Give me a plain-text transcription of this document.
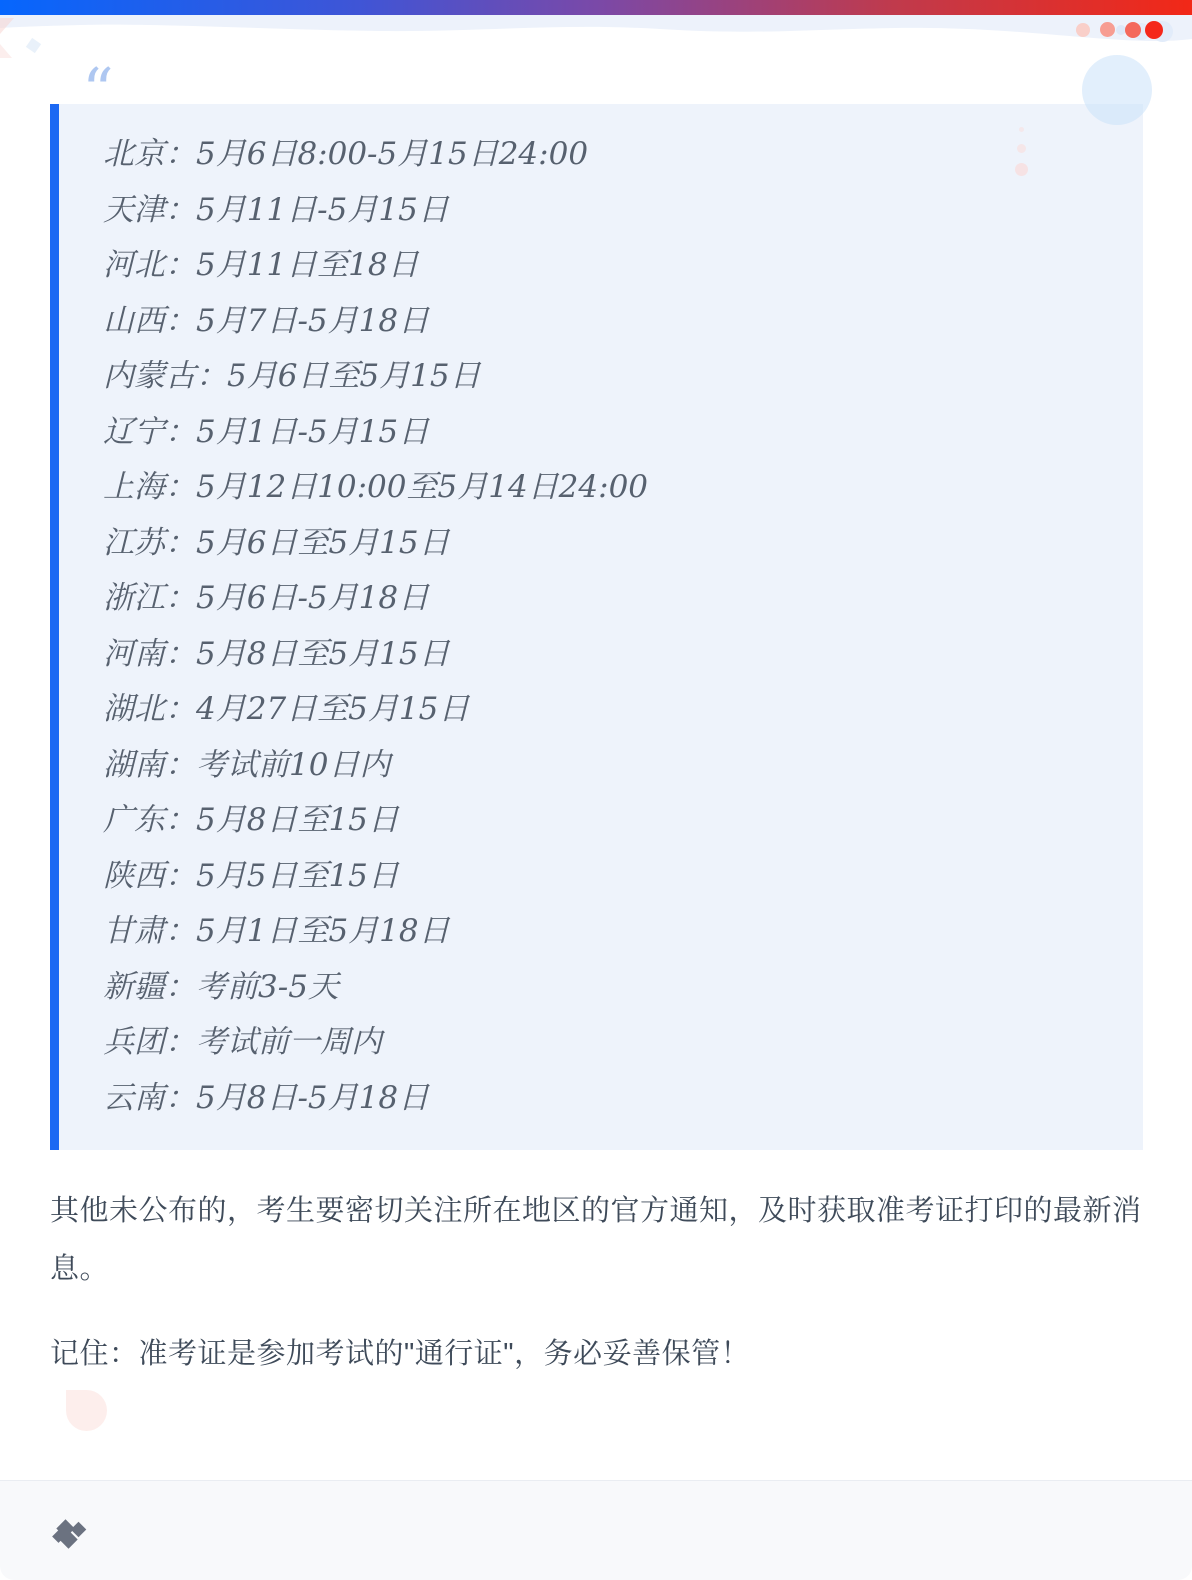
“
北京：5月6日8:00-5月15日24:00
天津：5月11日-5月15日
河北：5月11日至18日
山西：5月7日-5月18日
内蒙古：5月6日至5月15日
辽宁：5月1日-5月15日
上海：5月12日10:00至5月14日24:00
江苏：5月6日至5月15日
浙江：5月6日-5月18日
河南：5月8日至5月15日
湖北：4月27日至5月15日
湖南：考试前10日内
广东：5月8日至15日
陕西：5月5日至15日
甘肃：5月1日至5月18日
新疆：考前3-5天
兵团：考试前一周内
云南：5月8日-5月18日

其他未公布的，考生要密切关注所在地区的官方通知，及时获取准考证打印的最新消息。

记住：准考证是参加考试的"通行证"，务必妥善保管！
